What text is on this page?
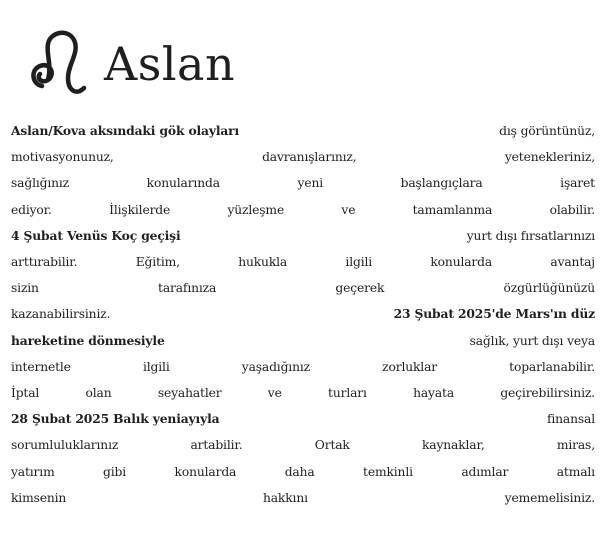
Aslan
Aslan/Kova aksındaki gök olayları	dış görüntünüz,
motivasyonunuz,	davranışlarınız,	yetenekleriniz,
sağlığınız	konularında	yeni	başlangıçlara	işaret
ediyor.	İlişkilerde	yüzleşme	ve	tamamlanma	olabilir.
4 Şubat Venüs Koç geçişi	yurt dışı fırsatlarınızı
arttırabilir.	Eğitim,	hukukla	ilgili	konularda	avantaj
sizin	tarafınıza	geçerek	özgürlüğünüzü
kazanabilirsiniz.	23 Şubat 2025'de Mars'ın düz
hareketine dönmesiyle	sağlık, yurt dışı veya
internetle	ilgili	yaşadığınız	zorluklar	toparlanabilir.
İptal	olan	seyahatler	ve	turları	hayata	geçirebilirsiniz.
28 Şubat 2025 Balık yeniayıyla	finansal
sorumluluklarınız	artabilir.	Ortak	kaynaklar,	miras,
yatırım	gibi	konularda	daha	temkinli	adımlar	atmalı
kimsenin hakkını yememelisiniz.
